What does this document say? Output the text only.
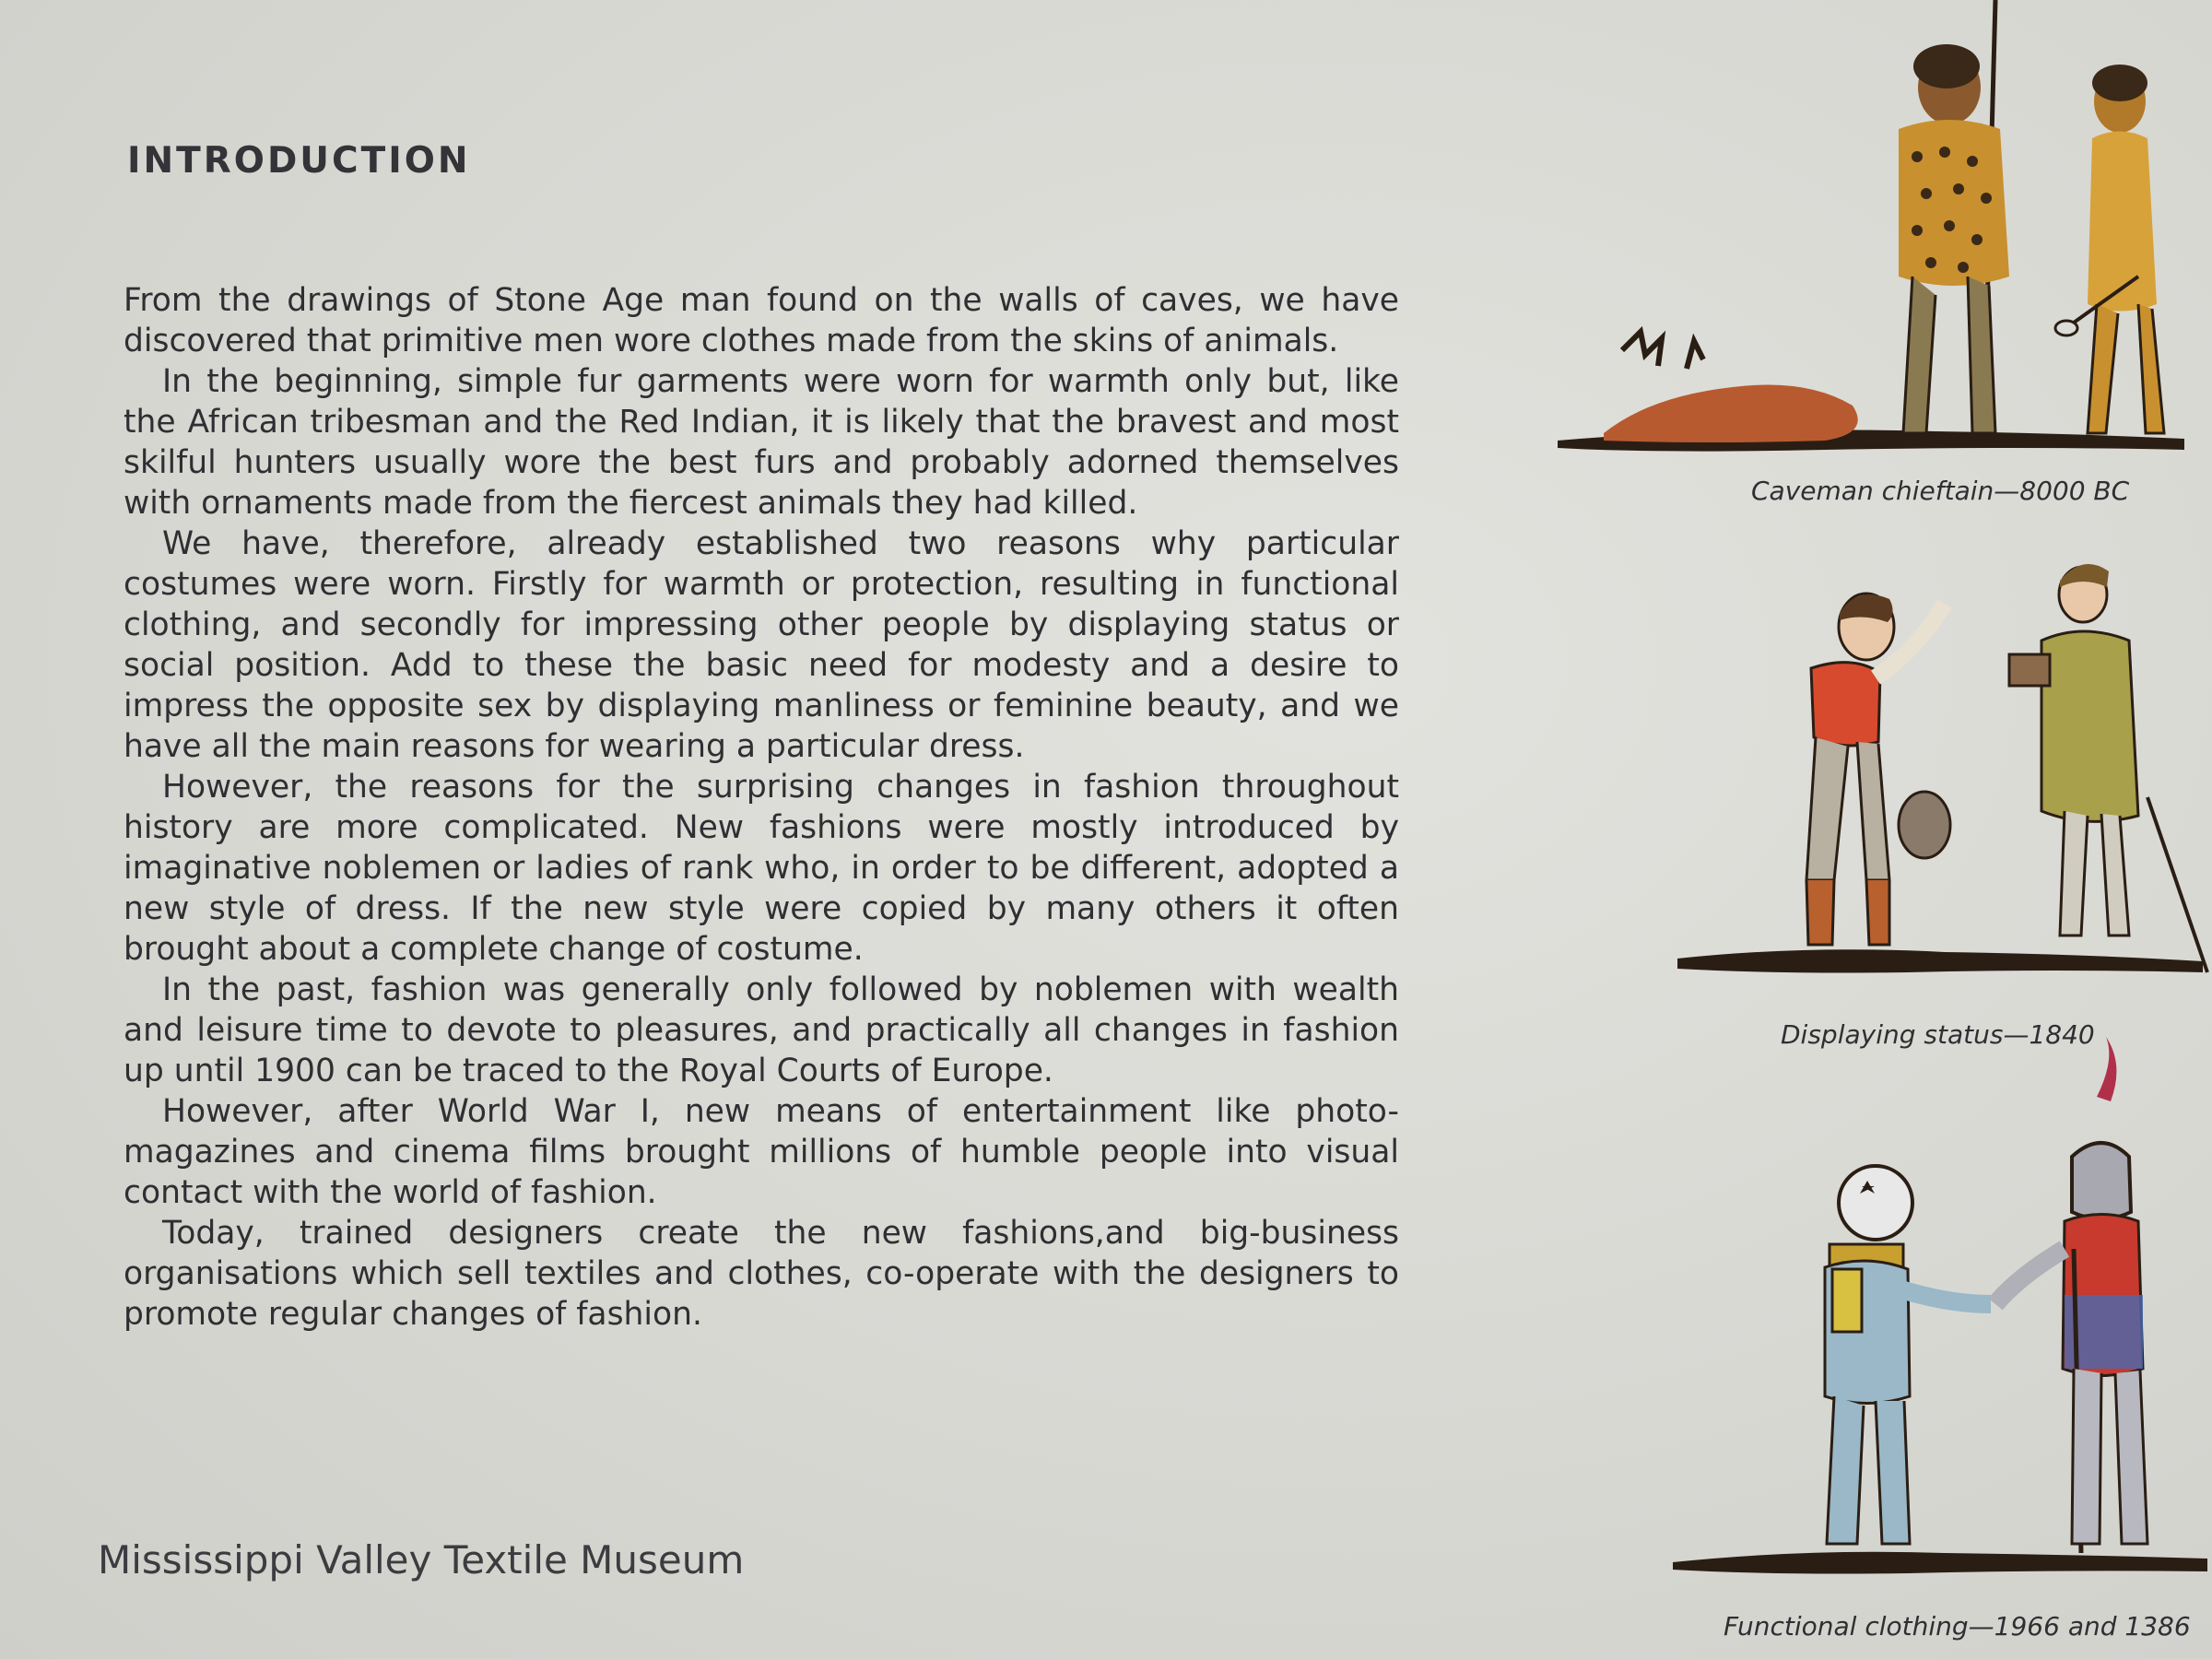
INTRODUCTION

From the drawings of Stone Age man found on the walls of caves, we have discovered that primitive men wore clothes made from the skins of animals.

In the beginning, simple fur garments were worn for warmth only but, like the African tribesman and the Red Indian, it is likely that the bravest and most skilful hunters usually wore the best furs and probably adorned themselves with ornaments made from the fiercest animals they had killed.

We have, therefore, already established two reasons why particular costumes were worn. Firstly for warmth or protection, resulting in functional clothing, and secondly for impressing other people by displaying status or social position. Add to these the basic need for modesty and a desire to impress the opposite sex by displaying manliness or feminine beauty, and we have all the main reasons for wearing a particular dress.

However, the reasons for the surprising changes in fashion throughout history are more complicated. New fashions were mostly introduced by imaginative noblemen or ladies of rank who, in order to be different, adopted a new style of dress. If the new style were copied by many others it often brought about a complete change of costume.

In the past, fashion was generally only followed by noblemen with wealth and leisure time to devote to pleasures, and practically all changes in fashion up until 1900 can be traced to the Royal Courts of Europe.

However, after World War I, new means of entertainment like photo-magazines and cinema films brought millions of humble people into visual contact with the world of fashion.

Today, trained designers create the new fashions,and big-business organisations which sell textiles and clothes, co-operate with the designers to promote regular changes of fashion.

Mississippi Valley Textile Museum
Caveman chieftain—8000 BC
Displaying status—1840
Functional clothing—1966 and 1386
